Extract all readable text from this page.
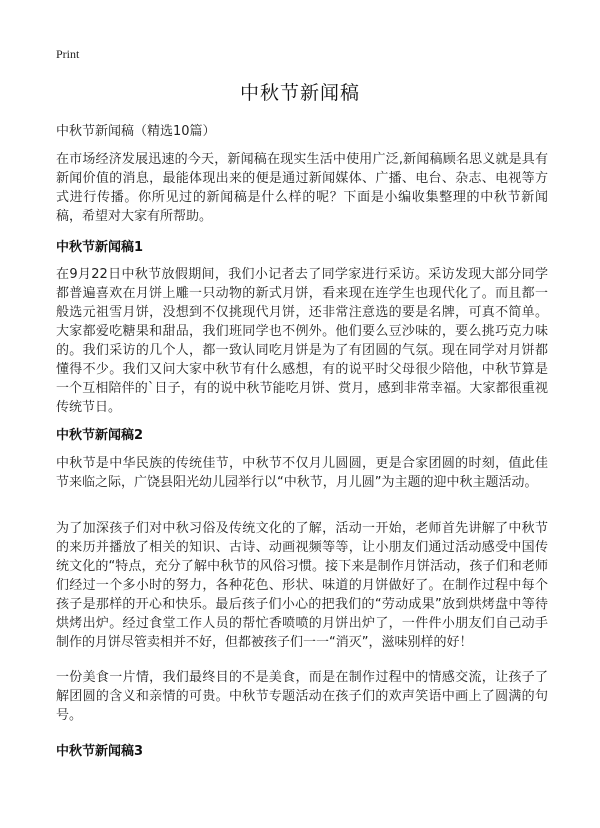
Print
中秋节新闻稿
中秋节新闻稿（精选10篇）

在市场经济发展迅速的今天，新闻稿在现实生活中使用广泛,新闻稿顾名思义就是具有新闻价值的消息，最能体现出来的便是通过新闻媒体、广播、电台、杂志、电视等方式进行传播。你所见过的新闻稿是什么样的呢？下面是小编收集整理的中秋节新闻稿，希望对大家有所帮助。

中秋节新闻稿1

在9月22日中秋节放假期间，我们小记者去了同学家进行采访。采访发现大部分同学都普遍喜欢在月饼上雕一只动物的新式月饼，看来现在连学生也现代化了。而且都一般选元祖雪月饼，没想到不仅挑现代月饼，还非常注意选的要是名牌，可真不简单。大家都爱吃糖果和甜品，我们班同学也不例外。他们要么豆沙味的，要么挑巧克力味的。我们采访的几个人，都一致认同吃月饼是为了有团圆的气氛。现在同学对月饼都懂得不少。我们又问大家中秋节有什么感想，有的说平时父母很少陪他，中秋节算是一个互相陪伴的`日子，有的说中秋节能吃月饼、赏月，感到非常幸福。大家都很重视传统节日。

中秋节新闻稿2

中秋节是中华民族的传统佳节，中秋节不仅月儿圆圆，更是合家团圆的时刻，值此佳节来临之际，广饶县阳光幼儿园举行以“中秋节，月儿圆”为主题的迎中秋主题活动。

为了加深孩子们对中秋习俗及传统文化的了解，活动一开始，老师首先讲解了中秋节的来历并播放了相关的知识、古诗、动画视频等等，让小朋友们通过活动感受中国传统文化的“特点，充分了解中秋节的风俗习惯。接下来是制作月饼活动，孩子们和老师们经过一个多小时的努力，各种花色、形状、味道的月饼做好了。在制作过程中每个孩子是那样的开心和快乐。最后孩子们小心的把我们的“劳动成果”放到烘烤盘中等待烘烤出炉。经过食堂工作人员的帮忙香喷喷的月饼出炉了，一件件小朋友们自己动手制作的月饼尽管卖相并不好，但都被孩子们一一“消灭”，滋味别样的好！

一份美食一片情，我们最终目的不是美食，而是在制作过程中的情感交流，让孩子了解团圆的含义和亲情的可贵。中秋节专题活动在孩子们的欢声笑语中画上了圆满的句号。

中秋节新闻稿3
